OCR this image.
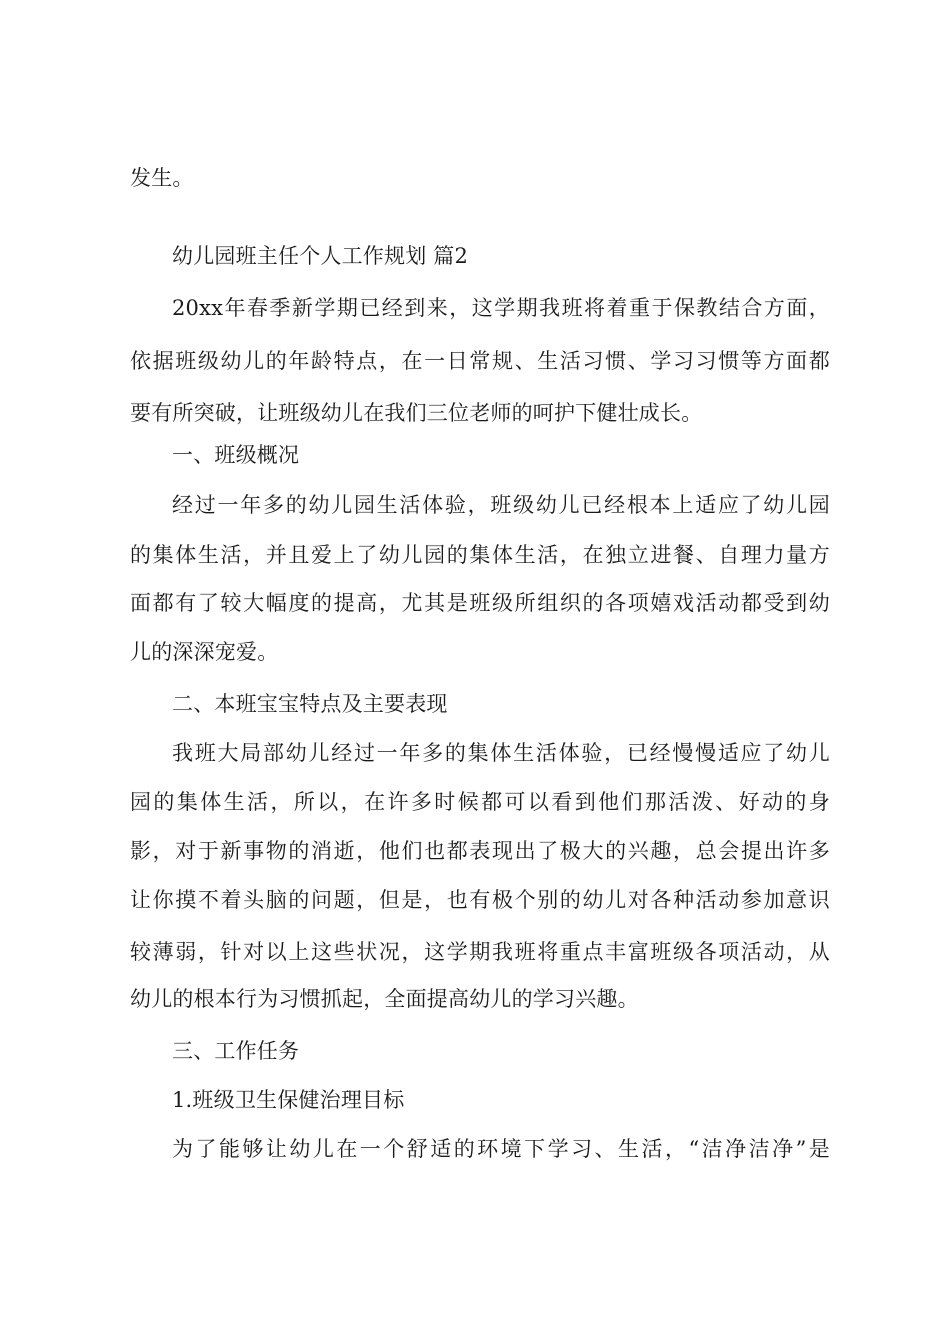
发生。
幼儿园班主任个人工作规划 篇2
20xx年春季新学期已经到来，这学期我班将着重于保教结合方面，
依据班级幼儿的年龄特点，在一日常规、生活习惯、学习习惯等方面都
要有所突破，让班级幼儿在我们三位老师的呵护下健壮成长。
一、班级概况
经过一年多的幼儿园生活体验，班级幼儿已经根本上适应了幼儿园
的集体生活，并且爱上了幼儿园的集体生活，在独立进餐、自理力量方
面都有了较大幅度的提高，尤其是班级所组织的各项嬉戏活动都受到幼
儿的深深宠爱。
二、本班宝宝特点及主要表现
我班大局部幼儿经过一年多的集体生活体验，已经慢慢适应了幼儿
园的集体生活，所以，在许多时候都可以看到他们那活泼、好动的身
影，对于新事物的消逝，他们也都表现出了极大的兴趣，总会提出许多
让你摸不着头脑的问题，但是，也有极个别的幼儿对各种活动参加意识
较薄弱，针对以上这些状况，这学期我班将重点丰富班级各项活动，从
幼儿的根本行为习惯抓起，全面提高幼儿的学习兴趣。
三、工作任务
1.班级卫生保健治理目标
为了能够让幼儿在一个舒适的环境下学习、生活，“洁净洁净”是
